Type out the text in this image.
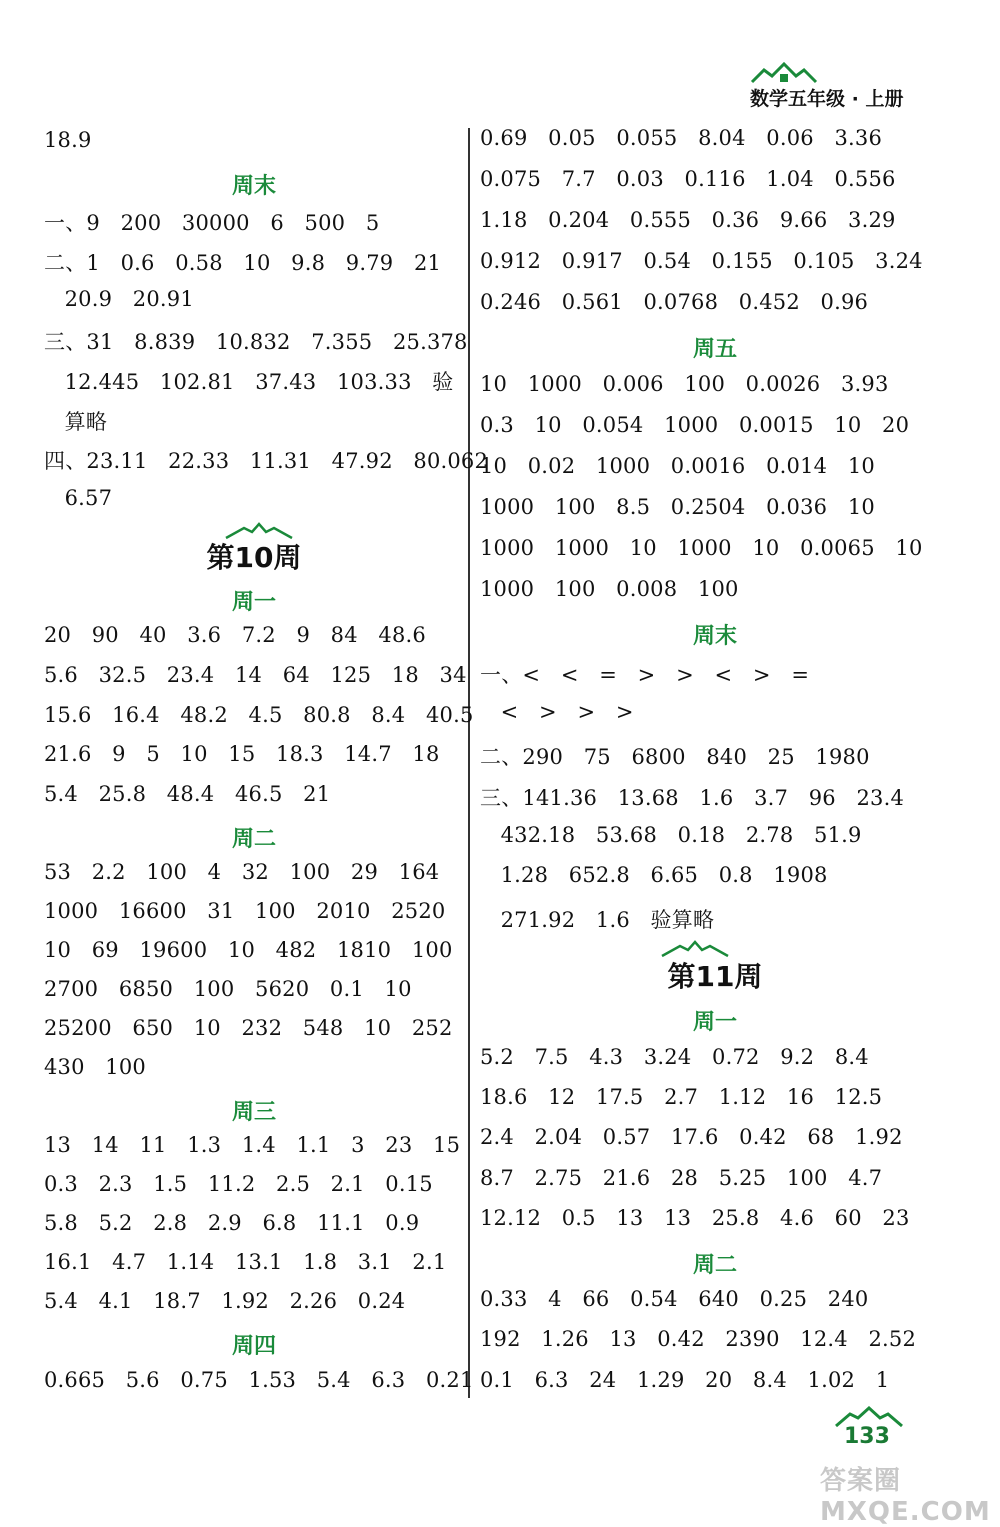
数学五年级 · 上册
18.9
周末
一、9   200   30000   6   500   5
二、1   0.6   0.58   10   9.8   9.79   21
20.9   20.91
三、31   8.839   10.832   7.355   25.378
12.445   102.81   37.43   103.33   验
算略
四、23.11   22.33   11.31   47.92   80.062
6.57
第10周
周一
20   90   40   3.6   7.2   9   84   48.6
5.6   32.5   23.4   14   64   125   18   34
15.6   16.4   48.2   4.5   80.8   8.4   40.5
21.6   9   5   10   15   18.3   14.7   18
5.4   25.8   48.4   46.5   21
周二
53   2.2   100   4   32   100   29   164
1000   16600   31   100   2010   2520
10   69   19600   10   482   1810   100
2700   6850   100   5620   0.1   10
25200   650   10   232   548   10   252
430   100
周三
13   14   11   1.3   1.4   1.1   3   23   15
0.3   2.3   1.5   11.2   2.5   2.1   0.15
5.8   5.2   2.8   2.9   6.8   11.1   0.9
16.1   4.7   1.14   13.1   1.8   3.1   2.1
5.4   4.1   18.7   1.92   2.26   0.24
周四
0.665   5.6   0.75   1.53   5.4   6.3   0.21
0.69   0.05   0.055   8.04   0.06   3.36
0.075   7.7   0.03   0.116   1.04   0.556
1.18   0.204   0.555   0.36   9.66   3.29
0.912   0.917   0.54   0.155   0.105   3.24
0.246   0.561   0.0768   0.452   0.96
周五
10   1000   0.006   100   0.0026   3.93
0.3   10   0.054   1000   0.0015   10   20
10   0.02   1000   0.0016   0.014   10
1000   100   8.5   0.2504   0.036   10
1000   1000   10   1000   10   0.0065   10
1000   100   0.008   100
周末
一、<   <   =   >   >   <   >   =
<   >   >   >
二、290   75   6800   840   25   1980
三、141.36   13.68   1.6   3.7   96   23.4
432.18   53.68   0.18   2.78   51.9
1.28   652.8   6.65   0.8   1908
271.92   1.6   验算略
第11周
周一
5.2   7.5   4.3   3.24   0.72   9.2   8.4
18.6   12   17.5   2.7   1.12   16   12.5
2.4   2.04   0.57   17.6   0.42   68   1.92
8.7   2.75   21.6   28   5.25   100   4.7
12.12   0.5   13   13   25.8   4.6   60   23
周二
0.33   4   66   0.54   640   0.25   240
192   1.26   13   0.42   2390   12.4   2.52
0.1   6.3   24   1.29   20   8.4   1.02   1
133
答案圈 MXQE.COM
